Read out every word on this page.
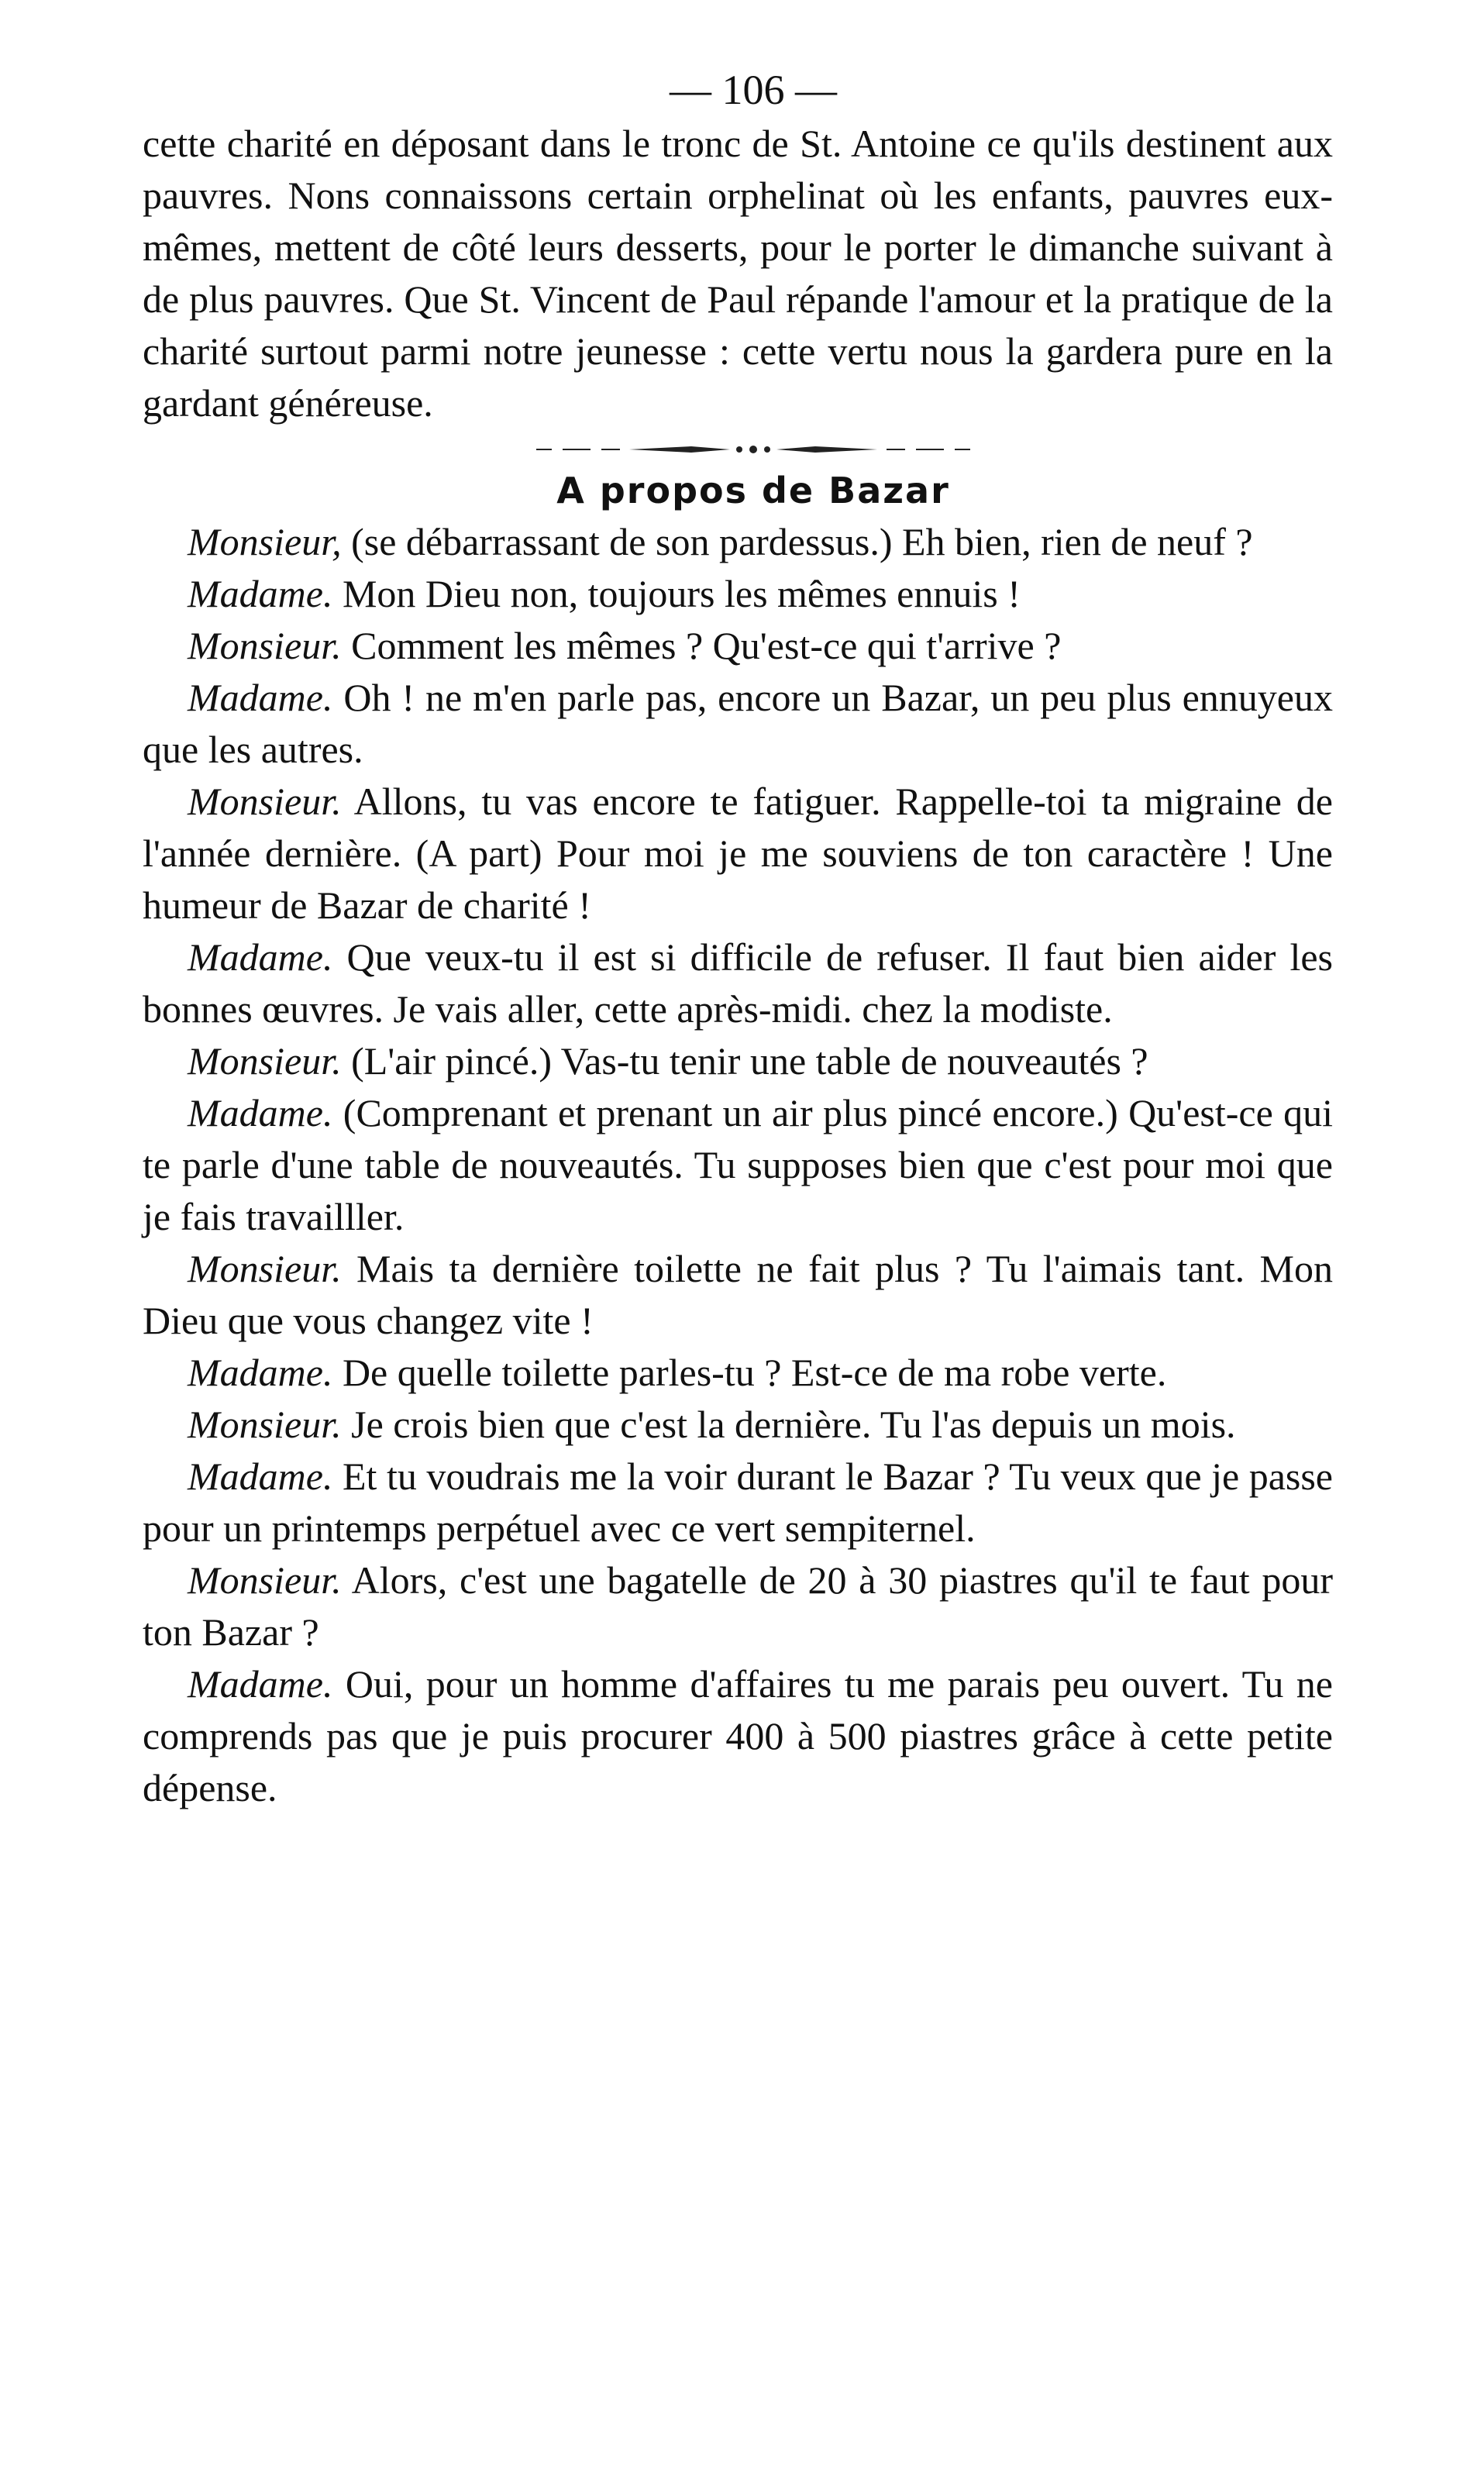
— 106 —

cette charité en déposant dans le tronc de St. Antoine ce qu'ils destinent aux pauvres. Nons connaissons certain orphelinat où les enfants, pauvres eux-mêmes, mettent de côté leurs desserts, pour le porter le dimanche suivant à de plus pauvres. Que St. Vincent de Paul répande l'amour et la pratique de la charité surtout parmi notre jeunesse : cette vertu nous la gardera pure en la gardant généreuse.

A propos de Bazar

Monsieur, (se débarrassant de son pardessus.) Eh bien, rien de neuf ?

Madame. Mon Dieu non, toujours les mêmes ennuis !

Monsieur. Comment les mêmes ? Qu'est-ce qui t'arrive ?

Madame. Oh ! ne m'en parle pas, encore un Bazar, un peu plus ennuyeux que les autres.

Monsieur. Allons, tu vas encore te fatiguer. Rappelle-toi ta migraine de l'année dernière. (A part) Pour moi je me souviens de ton caractère ! Une humeur de Bazar de charité !

Madame. Que veux-tu il est si difficile de refuser. Il faut bien aider les bonnes œuvres. Je vais aller, cette après-midi. chez la modiste.

Monsieur. (L'air pincé.) Vas-tu tenir une table de nouveautés ?

Madame. (Comprenant et prenant un air plus pincé encore.) Qu'est-ce qui te parle d'une table de nouveautés. Tu supposes bien que c'est pour moi que je fais travailller.

Monsieur. Mais ta dernière toilette ne fait plus ? Tu l'aimais tant. Mon Dieu que vous changez vite !

Madame. De quelle toilette parles-tu ? Est-ce de ma robe verte.

Monsieur. Je crois bien que c'est la dernière. Tu l'as depuis un mois.

Madame. Et tu voudrais me la voir durant le Bazar ? Tu veux que je passe pour un printemps perpétuel avec ce vert sempiternel.

Monsieur. Alors, c'est une bagatelle de 20 à 30 piastres qu'il te faut pour ton Bazar ?

Madame. Oui, pour un homme d'affaires tu me parais peu ouvert. Tu ne comprends pas que je puis procurer 400 à 500 piastres grâce à cette petite dépense.
